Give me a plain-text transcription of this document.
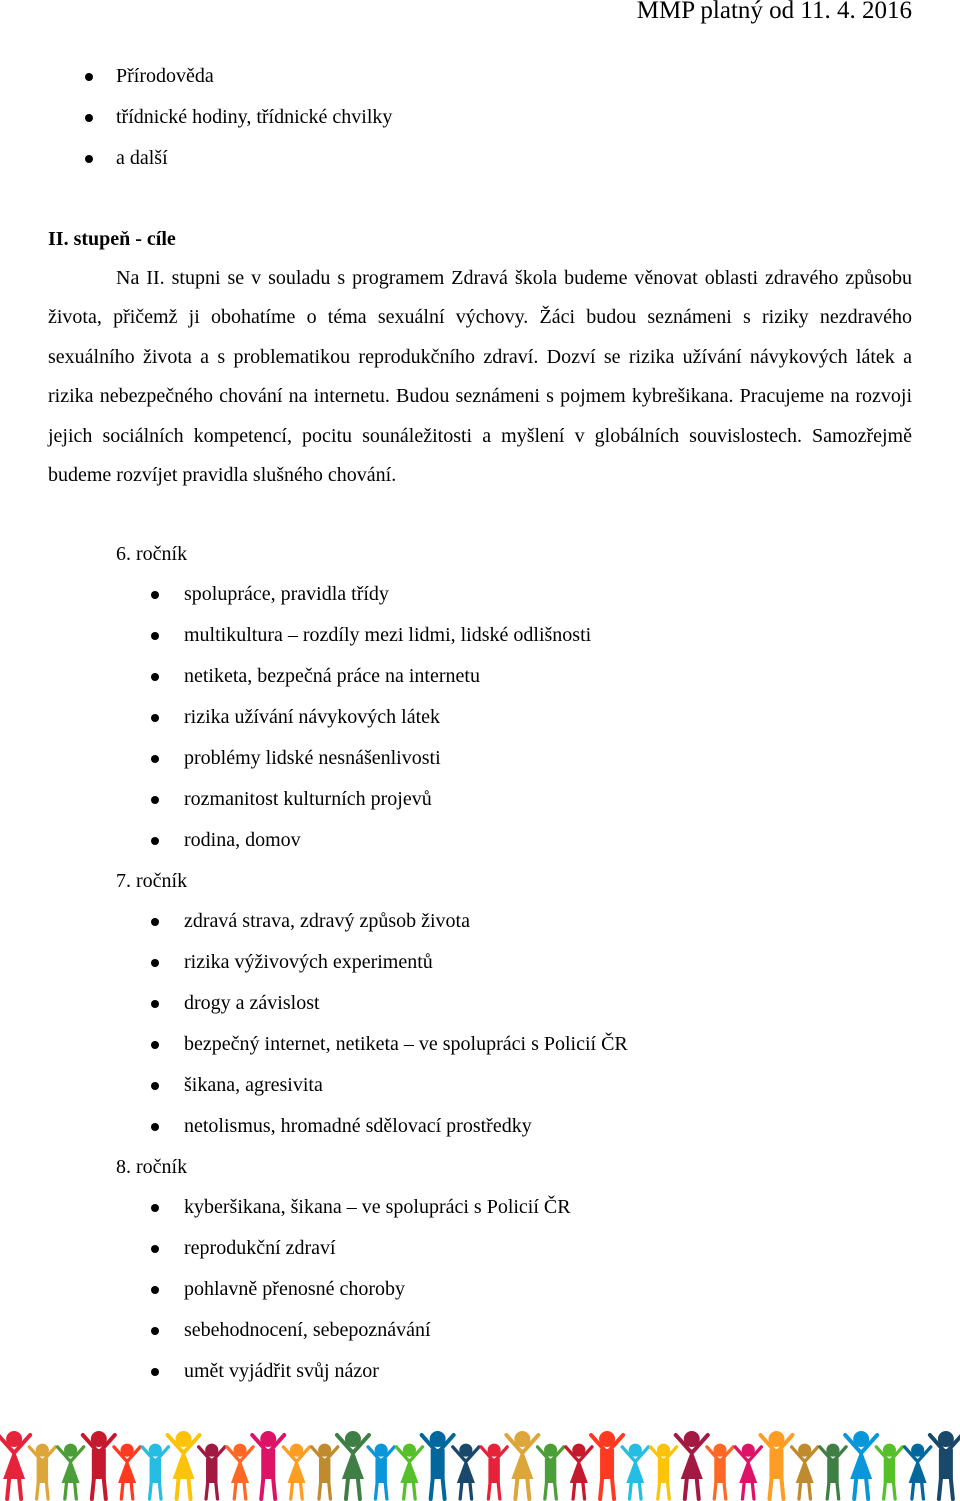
MMP platný od 11. 4. 2016
Přírodověda
třídnické hodiny, třídnické chvilky
a další
II. stupeň - cíle

Na II. stupni se v souladu s programem Zdravá škola budeme věnovat oblasti zdravého způsobu života, přičemž ji obohatíme o téma sexuální výchovy. Žáci budou seznámeni s riziky nezdravého sexuálního života a s problematikou reprodukčního zdraví. Dozví se rizika užívání návykových látek a rizika nebezpečného chování na internetu. Budou seznámeni s pojmem kybrešikana. Pracujeme na rozvoji jejich sociálních kompetencí, pocitu sounáležitosti a myšlení v globálních souvislostech. Samozřejmě budeme rozvíjet pravidla slušného chování.

6. ročník
spolupráce, pravidla třídy
multikultura – rozdíly mezi lidmi, lidské odlišnosti
netiketa, bezpečná práce na internetu
rizika užívání návykových látek
problémy lidské nesnášenlivosti
rozmanitost kulturních projevů
rodina, domov
7. ročník
zdravá strava, zdravý způsob života
rizika výživových experimentů
drogy a závislost
bezpečný internet, netiketa – ve spolupráci s Policií ČR
šikana, agresivita
netolismus, hromadné sdělovací prostředky
8. ročník
kyberšikana, šikana – ve spolupráci s Policií ČR
reprodukční zdraví
pohlavně přenosné choroby
sebehodnocení, sebepoznávání
umět vyjádřit svůj názor
